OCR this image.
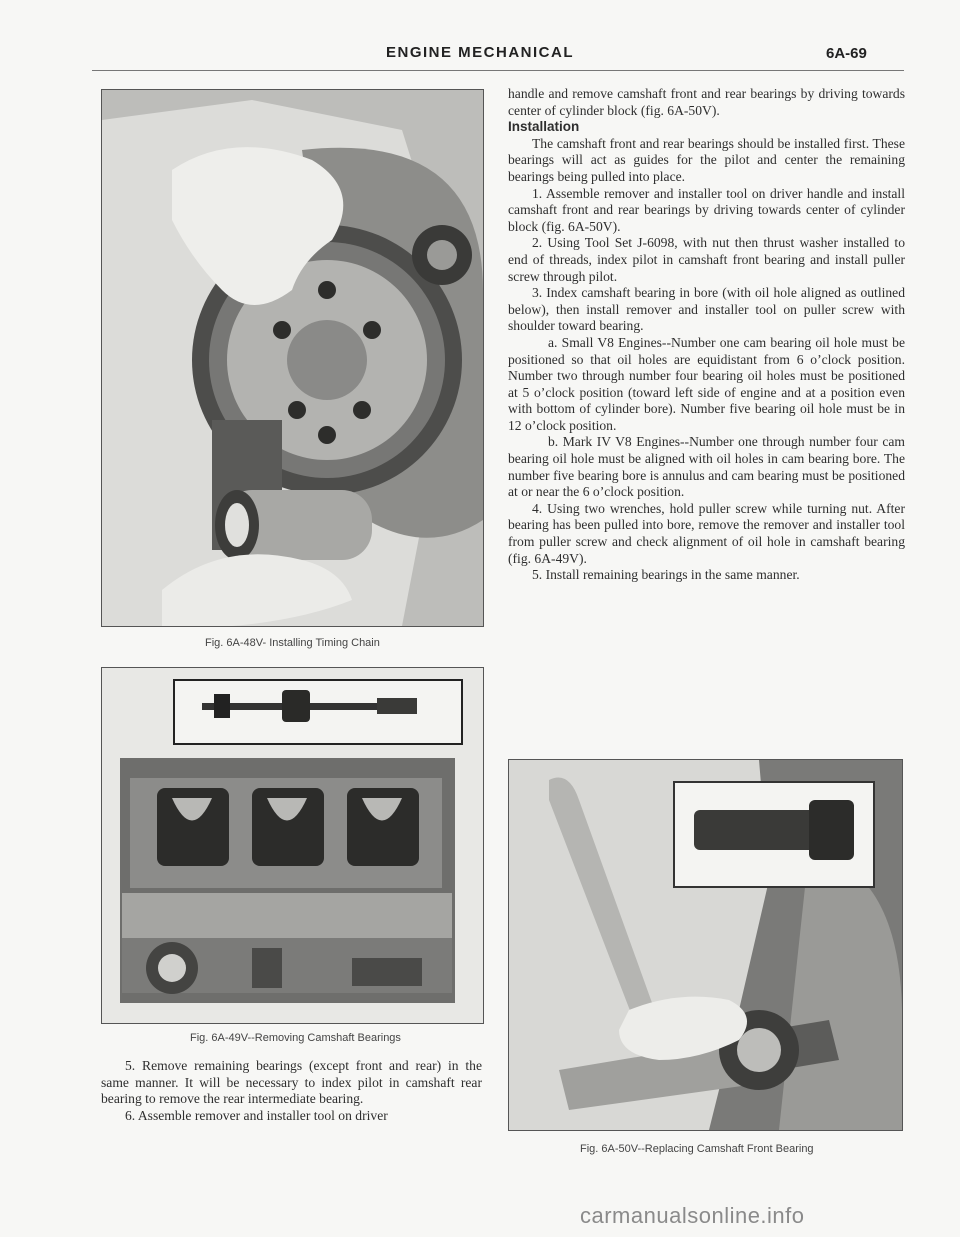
ENGINE MECHANICAL	6A-69
Fig. 6A-48V- Installing Timing Chain
Fig. 6A-49V--Removing Camshaft Bearings

5. Remove remaining bearings (except front and rear) in the same manner. It will be necessary to index pilot in camshaft rear bearing to remove the rear intermediate bearing.

6. Assemble remover and installer tool on driver

handle and remove camshaft front and rear bearings by driving towards center of cylinder block (fig. 6A-50V).

Installation

The camshaft front and rear bearings should be installed first. These bearings will act as guides for the pilot and center the remaining bearings being pulled into place.

1. Assemble remover and installer tool on driver handle and install camshaft front and rear bearings by driving towards center of cylinder block (fig. 6A-50V).

2. Using Tool Set J-6098, with nut then thrust washer installed to end of threads, index pilot in camshaft front bearing and install puller screw through pilot.

3. Index camshaft bearing in bore (with oil hole aligned as outlined below), then install remover and installer tool on puller screw with shoulder toward bearing.

a. Small V8 Engines--Number one cam bearing oil hole must be positioned so that oil holes are equidistant from 6 o’clock position. Number two through number four bearing oil holes must be positioned at 5 o’clock position (toward left side of engine and at a position even with bottom of cylinder bore). Number five bearing oil hole must be in 12 o’clock position.

b. Mark IV V8 Engines--Number one through number four cam bearing oil hole must be aligned with oil holes in cam bearing bore. The number five bearing bore is annulus and cam bearing must be positioned at or near the 6 o’clock position.

4. Using two wrenches, hold puller screw while turning nut. After bearing has been pulled into bore, remove the remover and installer tool from puller screw and check alignment of oil hole in camshaft bearing (fig. 6A-49V).

5. Install remaining bearings in the same manner.

Fig. 6A-50V--Replacing Camshaft Front Bearing
carmanualsonline.info
